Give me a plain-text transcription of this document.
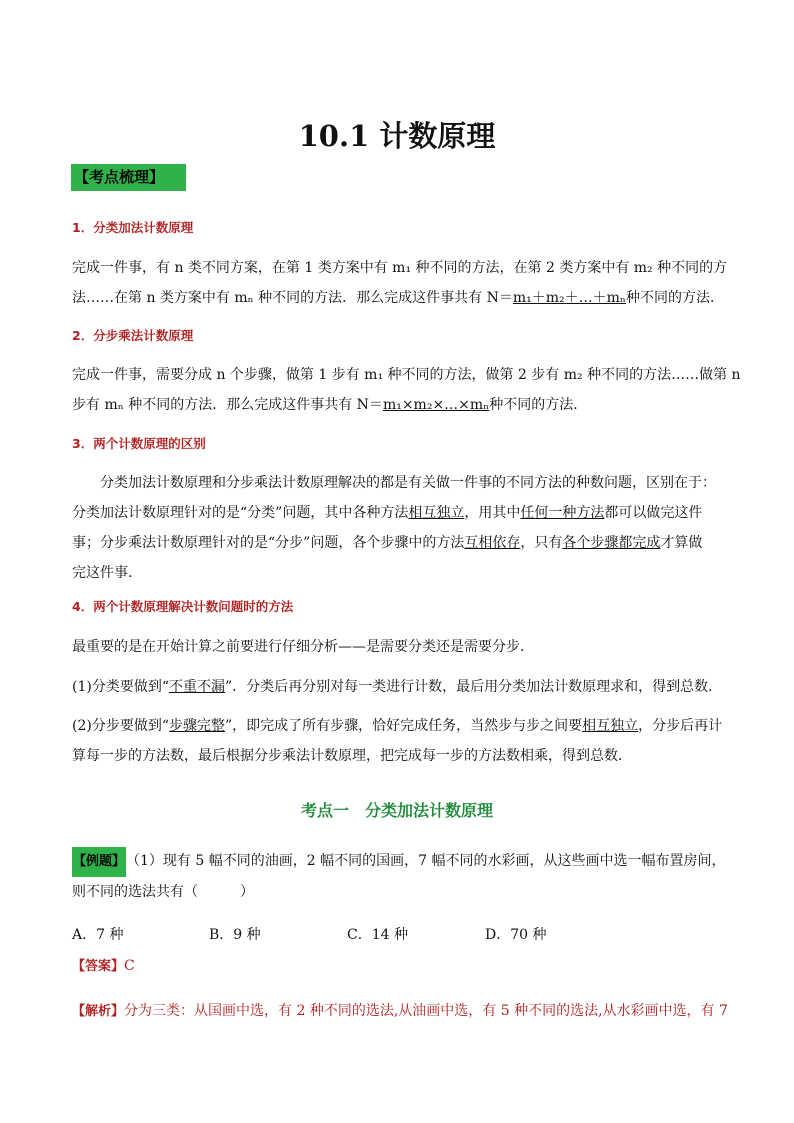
10.1 计数原理
【考点梳理】
1．分类加法计数原理
完成一件事，有 n 类不同方案，在第 1 类方案中有 m₁ 种不同的方法，在第 2 类方案中有 m₂ 种不同的方
法……在第 n 类方案中有 mₙ 种不同的方法．那么完成这件事共有 N＝m₁＋m₂＋…＋mₙ种不同的方法．
2．分步乘法计数原理
完成一件事，需要分成 n 个步骤，做第 1 步有 m₁ 种不同的方法，做第 2 步有 m₂ 种不同的方法……做第 n
步有 mₙ 种不同的方法．那么完成这件事共有 N＝m₁×m₂×…×mₙ种不同的方法．
3．两个计数原理的区别
分类加法计数原理和分步乘法计数原理解决的都是有关做一件事的不同方法的种数问题，区别在于：
分类加法计数原理针对的是“分类”问题，其中各种方法相互独立，用其中任何一种方法都可以做完这件
事；分步乘法计数原理针对的是“分步”问题，各个步骤中的方法互相依存，只有各个步骤都完成才算做
完这件事．
4．两个计数原理解决计数问题时的方法
最重要的是在开始计算之前要进行仔细分析——是需要分类还是需要分步．
(1)分类要做到“不重不漏”．分类后再分别对每一类进行计数，最后用分类加法计数原理求和，得到总数．
(2)分步要做到“步骤完整”，即完成了所有步骤，恰好完成任务，当然步与步之间要相互独立，分步后再计
算每一步的方法数，最后根据分步乘法计数原理，把完成每一步的方法数相乘，得到总数．
考点一　分类加法计数原理
【例题】（1）现有 5 幅不同的油画，2 幅不同的国画，7 幅不同的水彩画，从这些画中选一幅布置房间，
则不同的选法共有（　　　）
A．7 种	B．9 种	C．14 种	D．70 种
【答案】C
【解析】分为三类：从国画中选，有 2 种不同的选法,从油画中选，有 5 种不同的选法,从水彩画中选，有 7
